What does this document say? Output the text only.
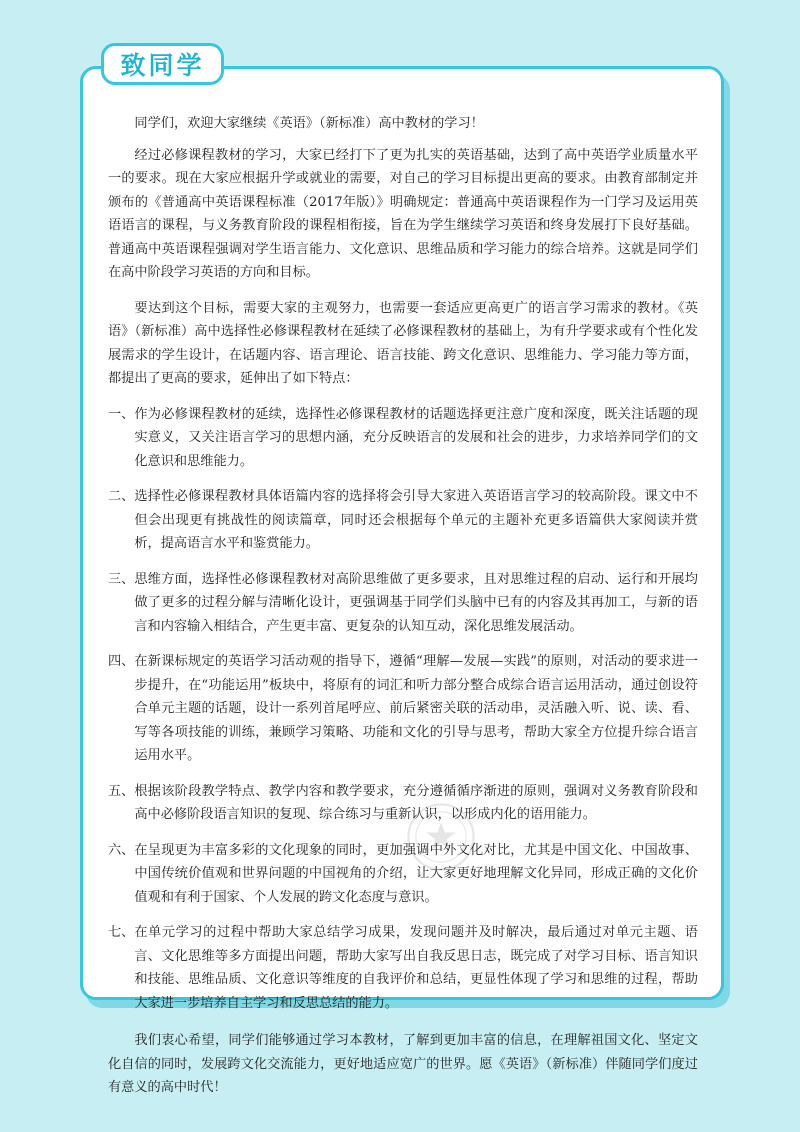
致同学

同学们，欢迎大家继续《英语》（新标准）高中教材的学习！

经过必修课程教材的学习，大家已经打下了更为扎实的英语基础，达到了高中英语学业质量水平一的要求。现在大家应根据升学或就业的需要，对自己的学习目标提出更高的要求。由教育部制定并颁布的《普通高中英语课程标准（2017年版）》明确规定：普通高中英语课程作为一门学习及运用英语语言的课程，与义务教育阶段的课程相衔接，旨在为学生继续学习英语和终身发展打下良好基础。普通高中英语课程强调对学生语言能力、文化意识、思维品质和学习能力的综合培养。这就是同学们在高中阶段学习英语的方向和目标。

要达到这个目标，需要大家的主观努力，也需要一套适应更高更广的语言学习需求的教材。《英语》（新标准）高中选择性必修课程教材在延续了必修课程教材的基础上，为有升学要求或有个性化发展需求的学生设计，在话题内容、语言理论、语言技能、跨文化意识、思维能力、学习能力等方面，都提出了更高的要求，延伸出了如下特点：

一、 作为必修课程教材的延续，选择性必修课程教材的话题选择更注意广度和深度，既关注话题的现实意义，又关注语言学习的思想内涵，充分反映语言的发展和社会的进步，力求培养同学们的文化意识和思维能力。
二、 选择性必修课程教材具体语篇内容的选择将会引导大家进入英语语言学习的较高阶段。课文中不但会出现更有挑战性的阅读篇章，同时还会根据每个单元的主题补充更多语篇供大家阅读并赏析，提高语言水平和鉴赏能力。
三、 思维方面，选择性必修课程教材对高阶思维做了更多要求，且对思维过程的启动、运行和开展均做了更多的过程分解与清晰化设计，更强调基于同学们头脑中已有的内容及其再加工，与新的语言和内容输入相结合，产生更丰富、更复杂的认知互动，深化思维发展活动。
四、 在新课标规定的英语学习活动观的指导下，遵循“理解—发展—实践”的原则，对活动的要求进一步提升，在“功能运用”板块中，将原有的词汇和听力部分整合成综合语言运用活动，通过创设符合单元主题的话题，设计一系列首尾呼应、前后紧密关联的活动串，灵活融入听、说、读、看、写等各项技能的训练，兼顾学习策略、功能和文化的引导与思考，帮助大家全方位提升综合语言运用水平。
五、 根据该阶段教学特点、教学内容和教学要求，充分遵循循序渐进的原则，强调对义务教育阶段和高中必修阶段语言知识的复现、综合练习与重新认识，以形成内化的语用能力。
六、 在呈现更为丰富多彩的文化现象的同时，更加强调中外文化对比，尤其是中国文化、中国故事、中国传统价值观和世界问题的中国视角的介绍，让大家更好地理解文化异同，形成正确的文化价值观和有利于国家、个人发展的跨文化态度与意识。
七、 在单元学习的过程中帮助大家总结学习成果，发现问题并及时解决，最后通过对单元主题、语言、文化思维等多方面提出问题，帮助大家写出自我反思日志，既完成了对学习目标、语言知识和技能、思维品质、文化意识等维度的自我评价和总结，更显性体现了学习和思维的过程，帮助大家进一步培养自主学习和反思总结的能力。

我们衷心希望，同学们能够通过学习本教材，了解到更加丰富的信息，在理解祖国文化、坚定文化自信的同时，发展跨文化交流能力，更好地适应宽广的世界。愿《英语》（新标准）伴随同学们度过有意义的高中时代！
